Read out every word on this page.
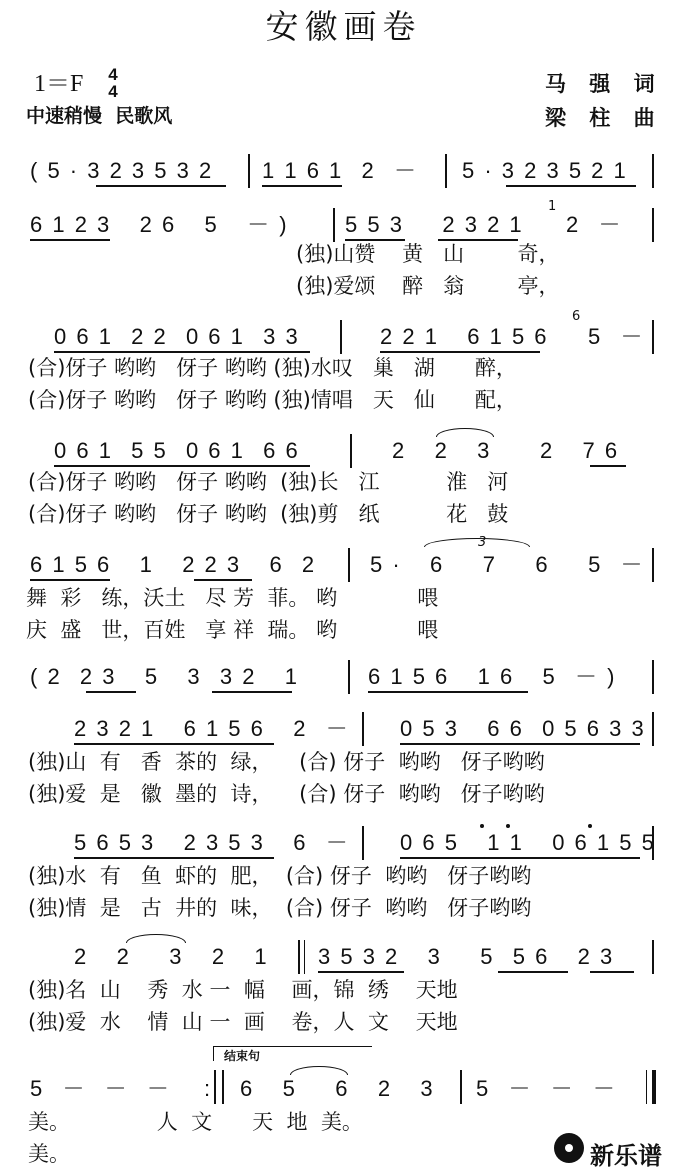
安徽画卷
1＝F 4
4
中速稍慢  民歌风
马 强 词
梁 柱 曲
( 5 · 3 2 3 5 3 2 1 1 6 1  2  － 5 · 3 2 3 5 2 1
6 1 2 3   2 6   5   － )	5 5 3    2 3 2 1 2  －
1
(独)山赞    黄   山        奇，
(独)爱颂    醉   翁        亭，
0 6 1  2 2  0 6 1  3 3	2 2 1   6 1 5 6 5  －
6
(合)伢子 哟哟   伢子 哟哟 (独)水叹   巢   湖      醉，
(合)伢子 哟哟   伢子 哟哟 (独)情唱   天   仙      配，
0 6 1  5 5  0 6 1  6 6	2   2   3     2   7 6
(合)伢子 哟哟   伢子 哟哟  (独)长   江          淮   河
(合)伢子 哟哟   伢子 哟哟  (独)剪   纸          花   鼓
6 1 5 6   1   2 2 3   6  2	5 ·   6    7    6    5  －
3
舞  彩   练，沃土   尽 芳  菲。 哟            喂
庆  盛   世，百姓   享 祥  瑞。 哟            喂
( 2  2 3   5   3  3 2   1	6 1 5 6   1 6   5  － )
2 3 2 1   6 1 5 6   2  － 0 5 3   6 6  0 5 6 3 3
(独)山  有   香  茶的  绿，    (合) 伢子  哟哟   伢子哟哟
(独)爱  是   徽  墨的  诗，    (合) 伢子  哟哟   伢子哟哟
5 6 5 3   2 3 5 3   6  － 0 6 5   1 1   0 6 1 5 5
(独)水  有   鱼  虾的  肥，  (合) 伢子  哟哟   伢子哟哟
(独)情  是   古  井的  味，  (合) 伢子  哟哟   伢子哟哟
2   2    3   2   1 3 5 3 2   3    5  5 6   2 3
(独)名  山    秀  水 一  幅    画，锦  绣    天地
(独)爱  水    情  山 一  画    卷，人  文    天地
结束句
5  －  －  －	6   5    6   2   3 5  －  －  －
:
美。             人  文      天  地  美。
美。	新乐谱
